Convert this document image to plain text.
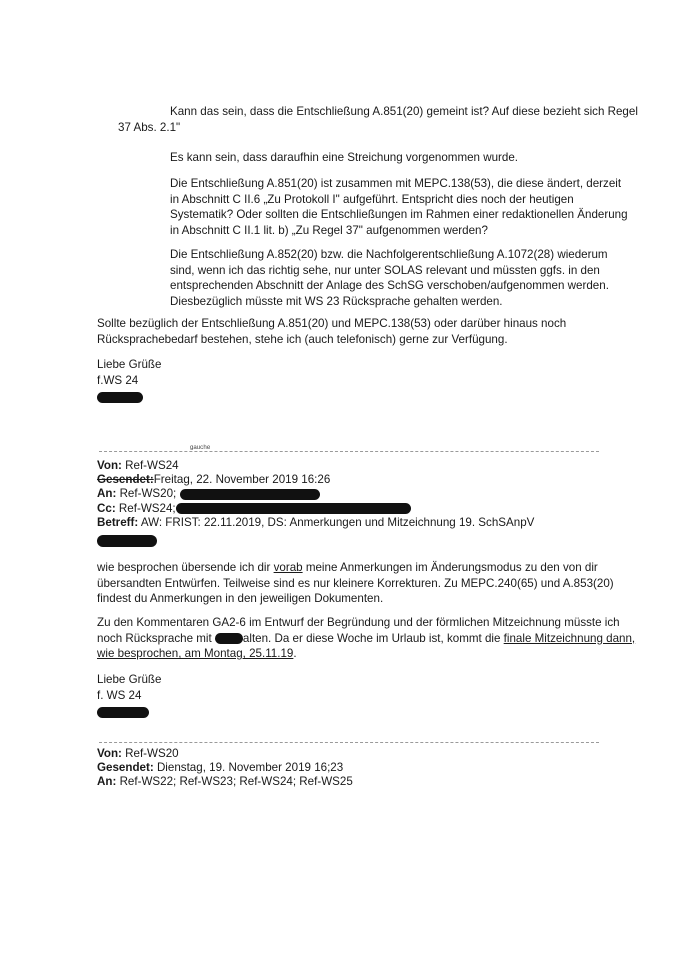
Kann das sein, dass die Entschließung A.851(20) gemeint ist? Auf diese bezieht sich Regel

37 Abs. 2.1"

Es kann sein, dass daraufhin eine Streichung vorgenommen wurde.

Die Entschließung A.851(20) ist zusammen mit MEPC.138(53), die diese ändert, derzeit

in Abschnitt C II.6 „Zu Protokoll I" aufgeführt. Entspricht dies noch der heutigen

Systematik? Oder sollten die Entschließungen im Rahmen einer redaktionellen Änderung

in Abschnitt C II.1 lit. b) „Zu Regel 37" aufgenommen werden?

Die Entschließung A.852(20) bzw. die Nachfolgerentschließung A.1072(28) wiederum

sind, wenn ich das richtig sehe, nur unter SOLAS relevant und müssten ggfs. in den

entsprechenden Abschnitt der Anlage des SchSG verschoben/aufgenommen werden.

Diesbezüglich müsste mit WS 23 Rücksprache gehalten werden.

Sollte bezüglich der Entschließung A.851(20) und MEPC.138(53) oder darüber hinaus noch

Rücksprachebedarf bestehen, stehe ich (auch telefonisch) gerne zur Verfügung.

Liebe Grüße

f.WS 24

ᵍᵃᵘᶜʰᵉ

Von: Ref-WS24

Gesendet:Freitag, 22. November 2019 16:26

An: Ref-WS20;

Cc: Ref-WS24;

Betreff: AW: FRIST: 22.11.2019, DS: Anmerkungen und Mitzeichnung 19. SchSAnpV

wie besprochen übersende ich dir vorab meine Anmerkungen im Änderungsmodus zu den von dir

übersandten Entwürfen. Teilweise sind es nur kleinere Korrekturen. Zu MEPC.240(65) und A.853(20)

findest du Anmerkungen in den jeweiligen Dokumenten.

Zu den Kommentaren GA2-6 im Entwurf der Begründung und der förmlichen Mitzeichnung müsste ich

noch Rücksprache mit alten. Da er diese Woche im Urlaub ist, kommt die finale Mitzeichnung dann,

wie besprochen, am Montag, 25.11.19.

Liebe Grüße

f. WS 24

Von: Ref-WS20

Gesendet: Dienstag, 19. November 2019 16;23

An: Ref-WS22; Ref-WS23; Ref-WS24; Ref-WS25
